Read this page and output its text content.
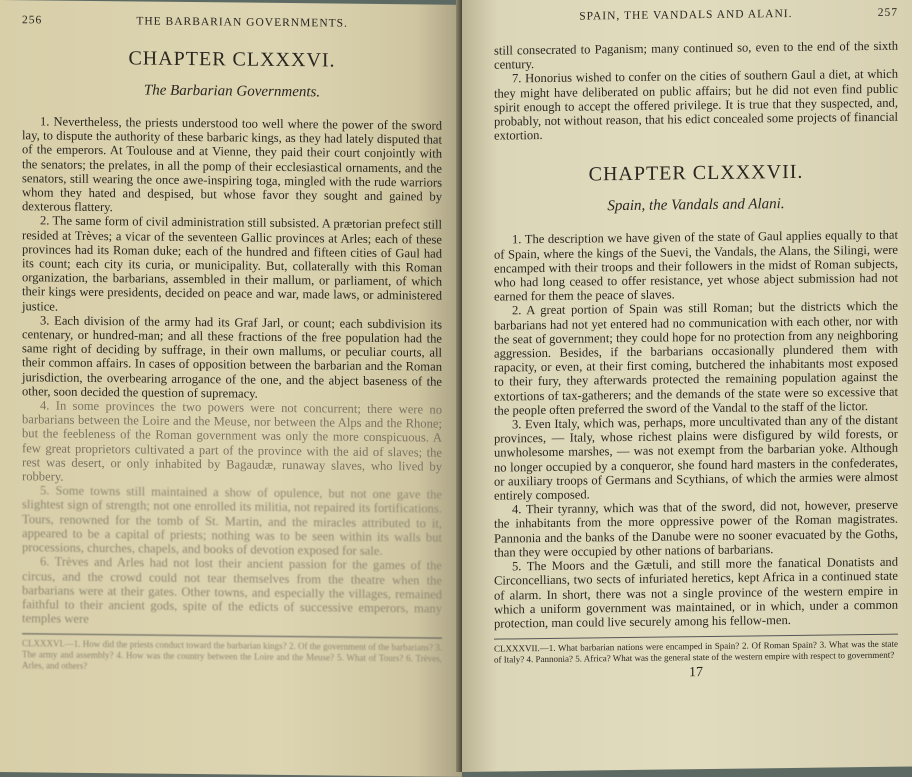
256	THE BARBARIAN GOVERNMENTS.
CHAPTER CLXXXVI.
The Barbarian Governments.

1. Nevertheless, the priests understood too well where the power of the sword lay, to dispute the authority of these barbaric kings, as they had lately disputed that of the emperors. At Toulouse and at Vienne, they paid their court conjointly with the senators; the prelates, in all the pomp of their ecclesiastical ornaments, and the senators, still wearing the once awe-inspiring toga, mingled with the rude warriors whom they hated and despised, but whose favor they sought and gained by dexterous flattery.

2. The same form of civil administration still subsisted. A prætorian prefect still resided at Trèves; a vicar of the seventeen Gallic provinces at Arles; each of these provinces had its Roman duke; each of the hundred and fifteen cities of Gaul had its count; each city its curia, or municipality. But, collaterally with this Roman organization, the barbarians, assembled in their mallum, or parliament, of which their kings were presidents, decided on peace and war, made laws, or administered justice.

3. Each division of the army had its Graf Jarl, or count; each subdivision its centenary, or hundred-man; and all these fractions of the free population had the same right of deciding by suffrage, in their own mallums, or peculiar courts, all their common affairs. In cases of opposition between the barbarian and the Roman jurisdiction, the overbearing arrogance of the one, and the abject baseness of the other, soon decided the question of supremacy.

4. In some provinces the two powers were not concurrent; there were no barbarians between the Loire and the Meuse, nor between the Alps and the Rhone; but the feebleness of the Roman government was only the more conspicuous. A few great proprietors cultivated a part of the province with the aid of slaves; the rest was desert, or only inhabited by Bagaudæ, runaway slaves, who lived by robbery.

5. Some towns still maintained a show of opulence, but not one gave the slightest sign of strength; not one enrolled its militia, not repaired its fortifications. Tours, renowned for the tomb of St. Martin, and the miracles attributed to it, appeared to be a capital of priests; nothing was to be seen within its walls but processions, churches, chapels, and books of devotion exposed for sale.

6. Trèves and Arles had not lost their ancient passion for the games of the circus, and the crowd could not tear themselves from the theatre when the barbarians were at their gates. Other towns, and especially the villages, remained faithful to their ancient gods, spite of the edicts of successive emperors, many temples were

CLXXXVI.—1. How did the priests conduct toward the barbarian kings? 2. Of the government of the barbarians? 3. The army and assembly? 4. How was the country between the Loire and the Meuse? 5. What of Tours? 6. Trèves, Arles, and others?
SPAIN, THE VANDALS AND ALANI.	257

still consecrated to Paganism; many continued so, even to the end of the sixth century.

7. Honorius wished to confer on the cities of southern Gaul a diet, at which they might have deliberated on public affairs; but he did not even find public spirit enough to accept the offered privilege. It is true that they suspected, and, probably, not without reason, that his edict concealed some projects of financial extortion.

CHAPTER CLXXXVII.
Spain, the Vandals and Alani.

1. The description we have given of the state of Gaul applies equally to that of Spain, where the kings of the Suevi, the Vandals, the Alans, the Silingi, were encamped with their troops and their followers in the midst of Roman subjects, who had long ceased to offer resistance, yet whose abject submission had not earned for them the peace of slaves.

2. A great portion of Spain was still Roman; but the districts which the barbarians had not yet entered had no communication with each other, nor with the seat of government; they could hope for no protection from any neighboring aggression. Besides, if the barbarians occasionally plundered them with rapacity, or even, at their first coming, butchered the inhabitants most exposed to their fury, they afterwards protected the remaining population against the extortions of tax-gatherers; and the demands of the state were so excessive that the people often preferred the sword of the Vandal to the staff of the lictor.

3. Even Italy, which was, perhaps, more uncultivated than any of the distant provinces, — Italy, whose richest plains were disfigured by wild forests, or unwholesome marshes, — was not exempt from the barbarian yoke. Although no longer occupied by a conqueror, she found hard masters in the confederates, or auxiliary troops of Germans and Scythians, of which the armies were almost entirely composed.

4. Their tyranny, which was that of the sword, did not, however, preserve the inhabitants from the more oppressive power of the Roman magistrates. Pannonia and the banks of the Danube were no sooner evacuated by the Goths, than they were occupied by other nations of barbarians.

5. The Moors and the Gætuli, and still more the fanatical Donatists and Circoncellians, two sects of infuriated heretics, kept Africa in a continued state of alarm. In short, there was not a single province of the western empire in which a uniform government was maintained, or in which, under a common protection, man could live securely among his fellow-men.

CLXXXVII.—1. What barbarian nations were encamped in Spain? 2. Of Roman Spain? 3. What was the state of Italy? 4. Pannonia? 5. Africa? What was the general state of the western empire with respect to government?
17
